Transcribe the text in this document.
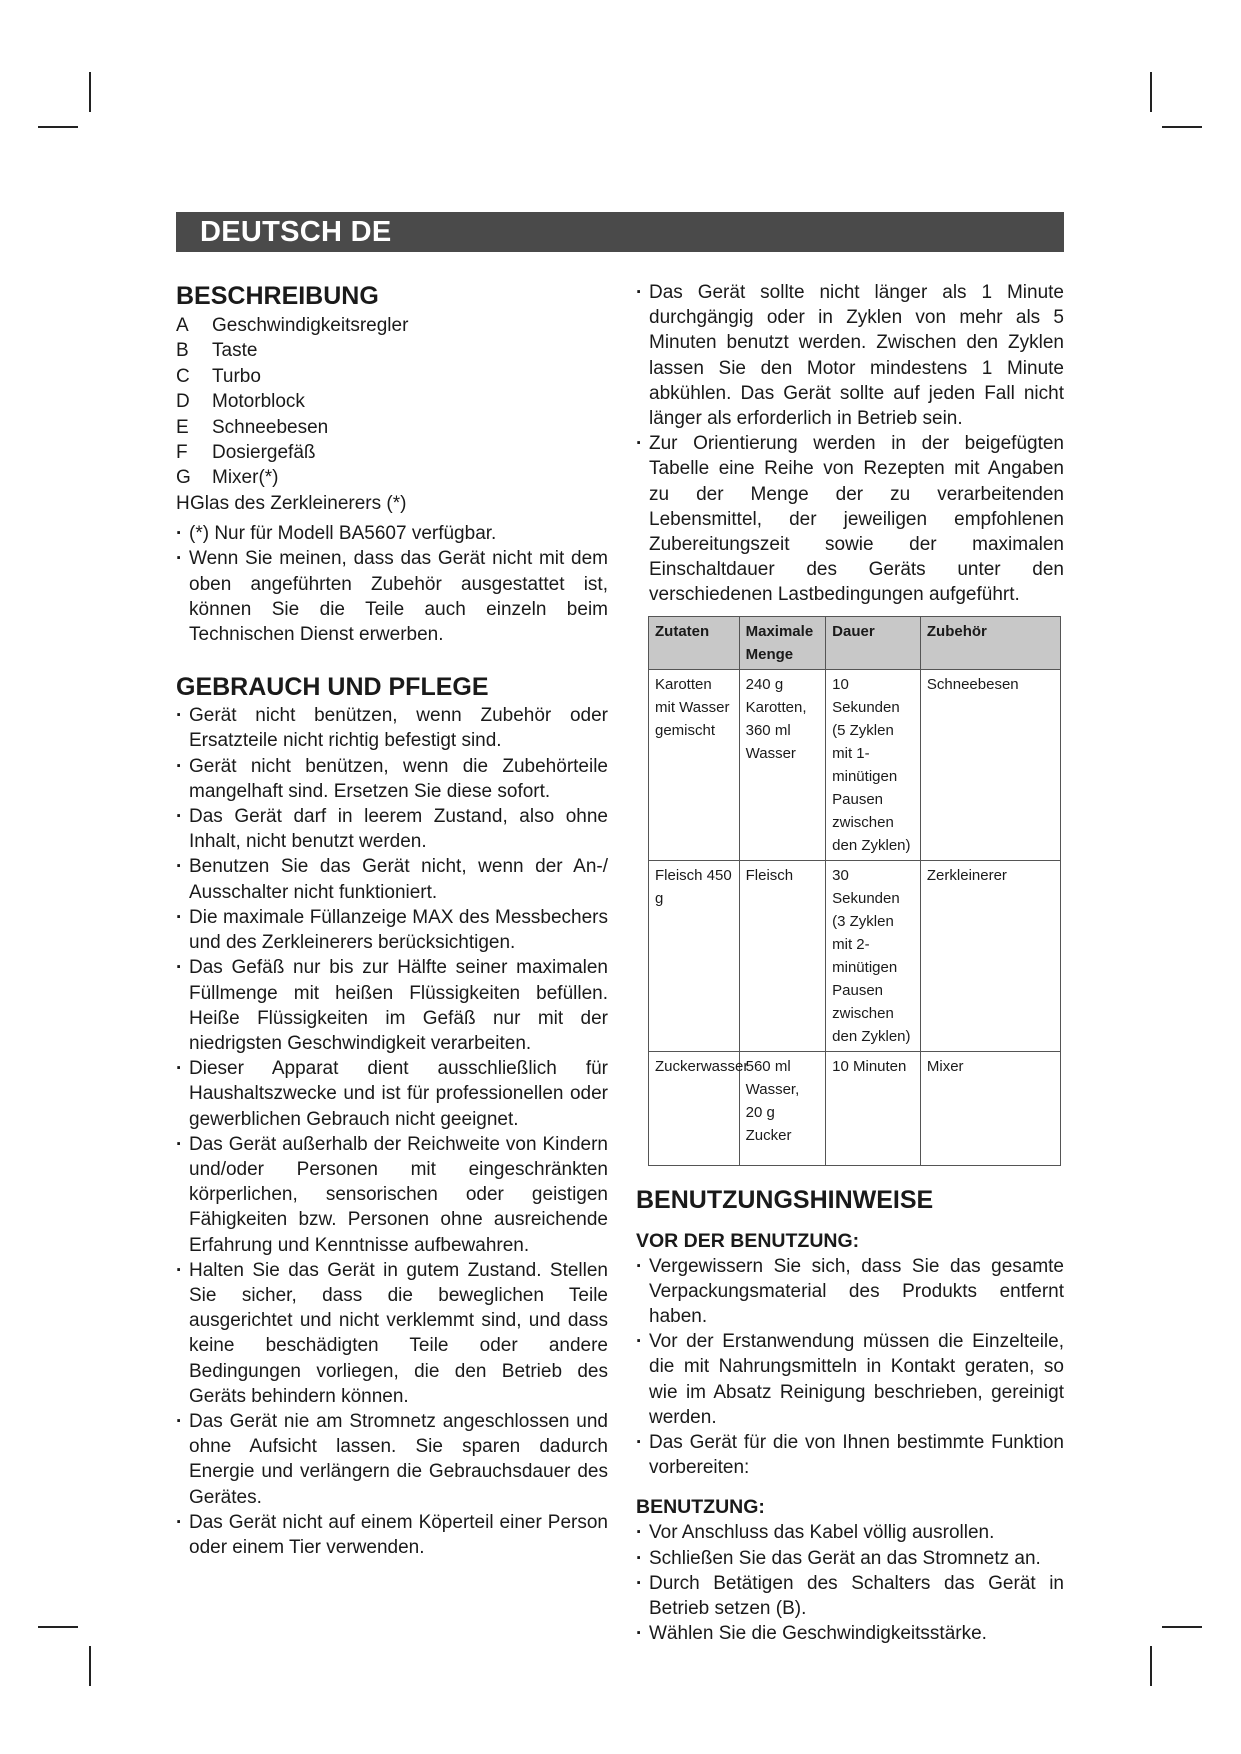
DEUTSCH DE
BESCHREIBUNG
A	Geschwindigkeitsregler
B	Taste
C	Turbo
D	Motorblock
E	Schneebesen
F	Dosiergefäß
G	Mixer(*)
H Glas des Zerkleinerers (*)
· (*) Nur für Modell BA5607 verfügbar.
· Wenn Sie meinen, dass das Gerät nicht mit dem oben angeführten Zubehör ausgestattet ist, können Sie die Teile auch einzeln beim Technischen Dienst erwerben.
GEBRAUCH UND PFLEGE
· Gerät nicht benützen, wenn Zubehör oder Ersatzteile nicht richtig befestigt sind.
· Gerät nicht benützen, wenn die Zubehörteile mangelhaft sind. Ersetzen Sie diese sofort.
· Das Gerät darf in leerem Zustand, also ohne Inhalt, nicht benutzt werden.
· Benutzen Sie das Gerät nicht, wenn der An-/ Ausschalter nicht funktioniert.
· Die maximale Füllanzeige MAX des Messbechers und des Zerkleinerers berücksichtigen.
· Das Gefäß nur bis zur Hälfte seiner maximalen Füllmenge mit heißen Flüssigkeiten befüllen. Heiße Flüssigkeiten im Gefäß nur mit der niedrigsten Geschwindigkeit verarbeiten.
· Dieser Apparat dient ausschließlich für Haushaltszwecke und ist für professionellen oder gewerblichen Gebrauch nicht geeignet.
· Das Gerät außerhalb der Reichweite von Kindern und/oder Personen mit eingeschränkten körperlichen, sensorischen oder geistigen Fähigkeiten bzw. Personen ohne ausreichende Erfahrung und Kenntnisse aufbewahren.
· Halten Sie das Gerät in gutem Zustand. Stellen Sie sicher, dass die beweglichen Teile ausgerichtet und nicht verklemmt sind, und dass keine beschädigten Teile oder andere Bedingungen vorliegen, die den Betrieb des Geräts behindern können.
· Das Gerät nie am Stromnetz angeschlossen und ohne Aufsicht lassen. Sie sparen dadurch Energie und verlängern die Gebrauchsdauer des Gerätes.
· Das Gerät nicht auf einem Köperteil einer Person oder einem Tier verwenden.
· Das Gerät sollte nicht länger als 1 Minute durchgängig oder in Zyklen von mehr als 5 Minuten benutzt werden. Zwischen den Zyklen lassen Sie den Motor mindestens 1 Minute abkühlen. Das Gerät sollte auf jeden Fall nicht länger als erforderlich in Betrieb sein.
· Zur Orientierung werden in der beigefügten Tabelle eine Reihe von Rezepten mit Angaben zu der Menge der zu verarbeitenden Lebensmittel, der jeweiligen empfohlenen Zubereitungszeit sowie der maximalen Einschaltdauer des Geräts unter den verschiedenen Lastbedingungen aufgeführt.
Zutaten	Maximale Menge	Dauer	Zubehör
Karotten mit Wasser gemischt	240 g Karotten, 360 ml Wasser	10 Sekunden (5 Zyklen mit 1-minütigen Pausen zwischen den Zyklen)	Schneebesen
Fleisch 450 g	Fleisch	30 Sekunden (3 Zyklen mit 2-minütigen Pausen zwischen den Zyklen)	Zerkleinerer
Zuckerwasser	560 ml Wasser, 20 g Zucker	10 Minuten	Mixer
BENUTZUNGSHINWEISE
VOR DER BENUTZUNG:
· Vergewissern Sie sich, dass Sie das gesamte Verpackungsmaterial des Produkts entfernt haben.
· Vor der Erstanwendung müssen die Einzelteile, die mit Nahrungsmitteln in Kontakt geraten, so wie im Absatz Reinigung beschrieben, gereinigt werden.
· Das Gerät für die von Ihnen bestimmte Funktion vorbereiten:
BENUTZUNG:
· Vor Anschluss das Kabel völlig ausrollen.
· Schließen Sie das Gerät an das Stromnetz an.
· Durch Betätigen des Schalters das Gerät in Betrieb setzen (B).
· Wählen Sie die Geschwindigkeitsstärke.
